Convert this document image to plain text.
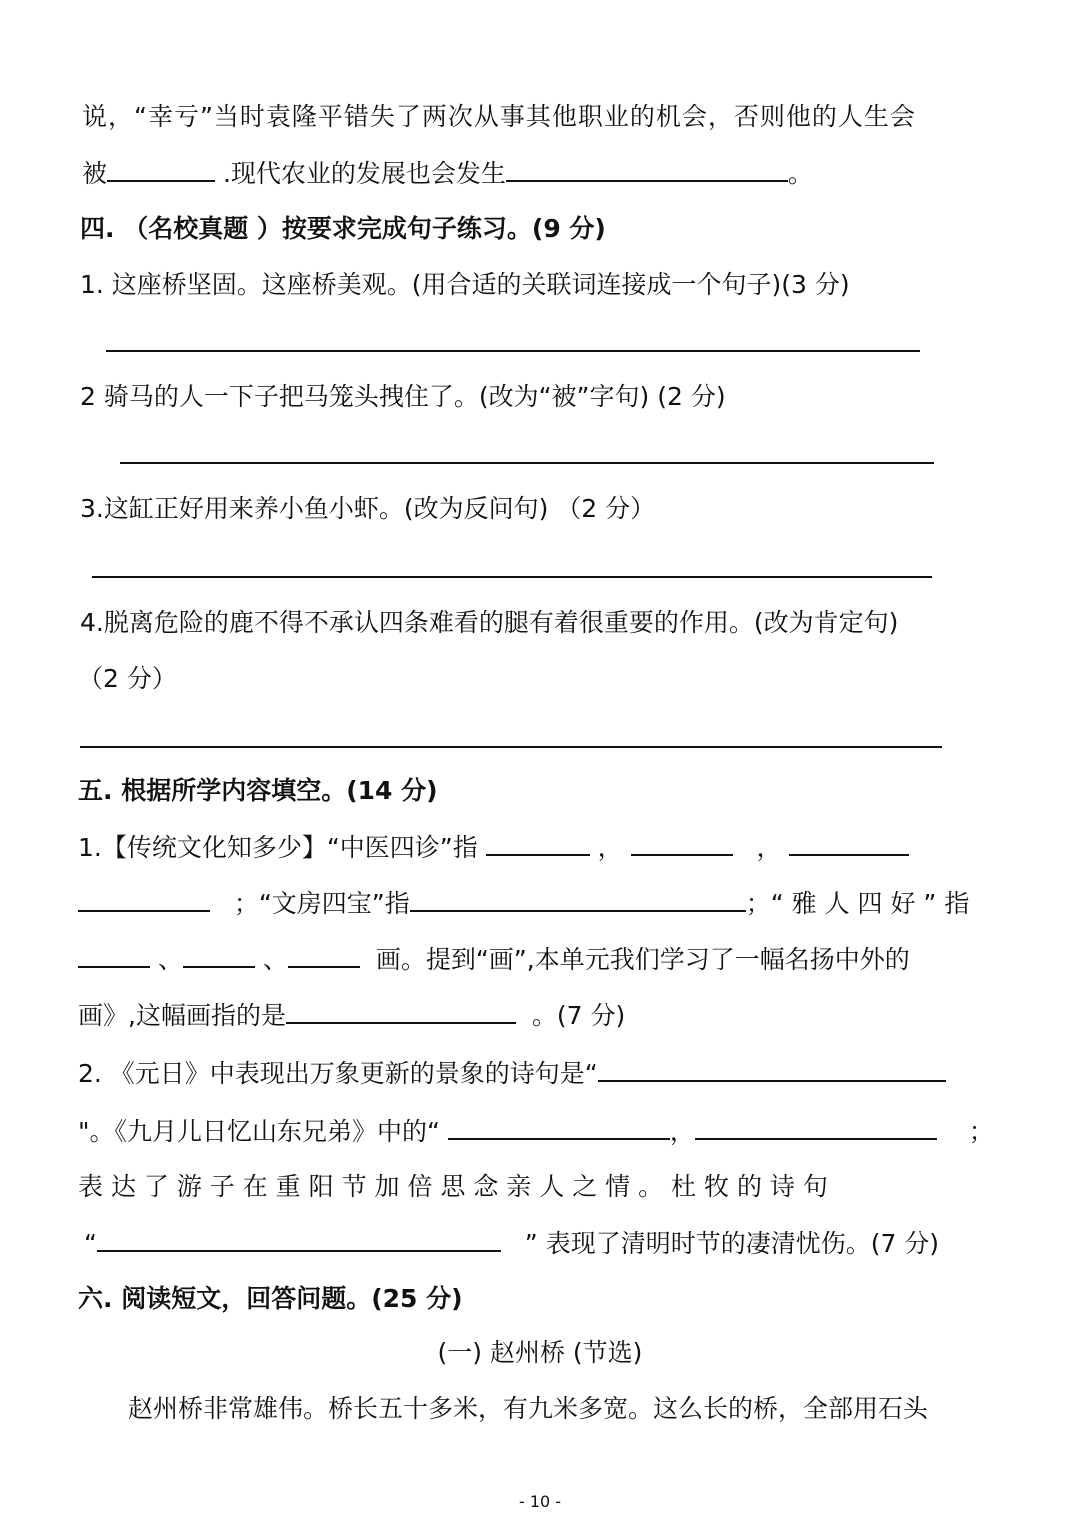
说，“幸亏”当时袁隆平错失了两次从事其他职业的机会，否则他的人生会
被	.现代农业的发展也会发生	。
四. （名校真题 ）按要求完成句子练习。(9 分)
1. 这座桥坚固。这座桥美观。(用合适的关联词连接成一个句子)(3 分)
2 骑马的人一下子把马笼头拽住了。(改为“被”字句) (2 分)
3.这缸正好用来养小鱼小虾。(改为反问句) （2 分）
4.脱离危险的鹿不得不承认四条难看的腿有着很重要的作用。(改为肯定句)
（2 分）
五. 根据所学内容填空。(14 分)
1.【传统文化知多少】“中医四诊”指	，	，
；“文房四宝”指	；“ 雅 人 四 好 ” 指
、	、	画。提到“画”,本单元我们学习了一幅名扬中外的
画》,这幅画指的是	。(7 分)
2. 《元日》中表现出万象更新的景象的诗句是“
"。《九月儿日忆山东兄弟》中的“	，	；
表 达 了 游 子 在 重 阳 节 加 倍 思 念 亲 人 之 情 。 杜 牧 的 诗 句
“	” 表现了清明时节的凄清忧伤。(7 分)
六. 阅读短文，回答问题。(25 分)
(一) 赵州桥 (节选)
赵州桥非常雄伟。桥长五十多米，有九米多宽。这么长的桥，全部用石头
- 10 -
